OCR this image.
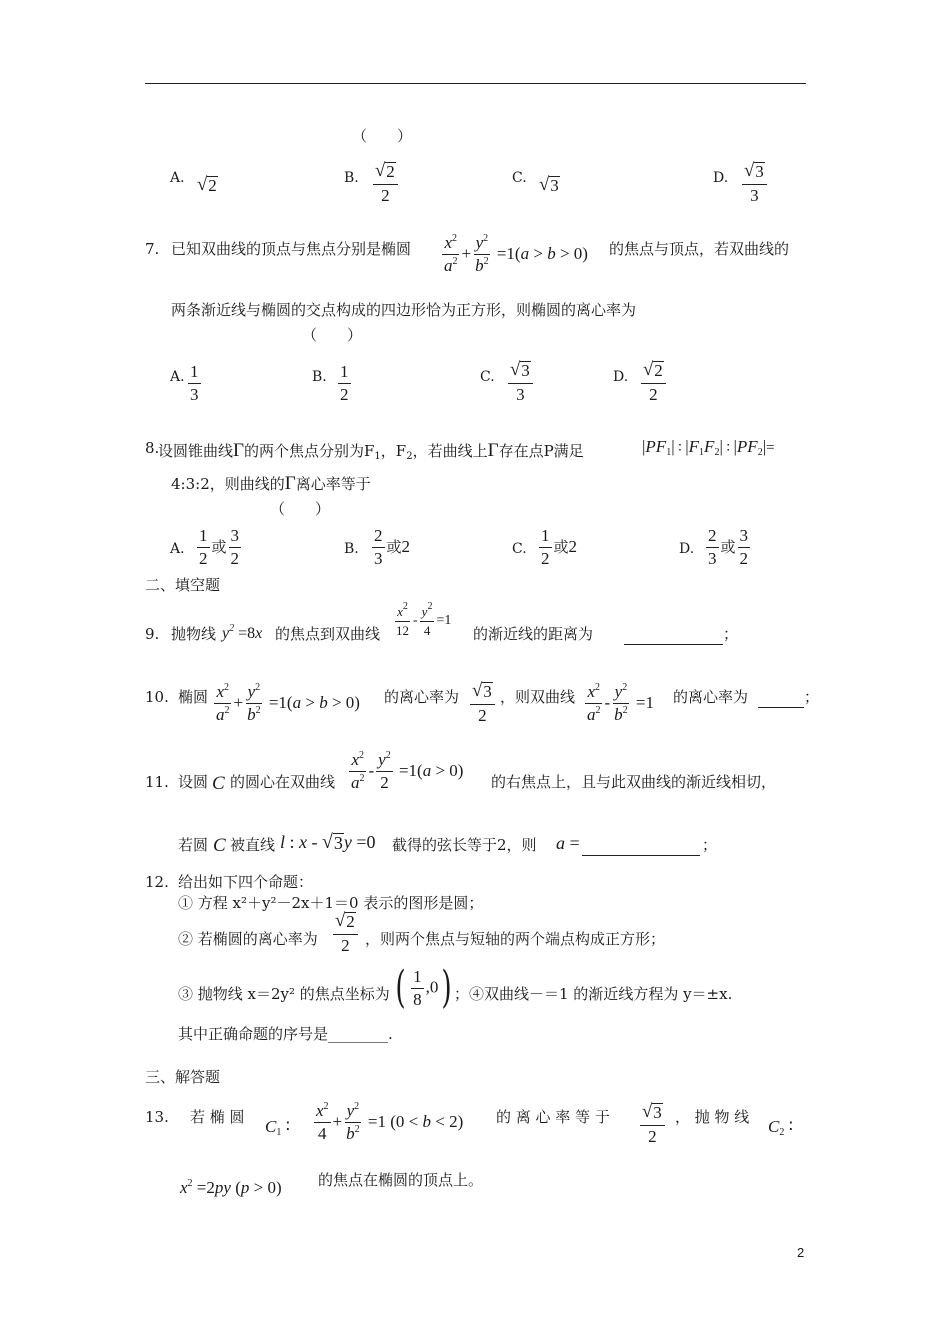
（　　）
A. √ 2	B. $\frac{√ 2}{2}$	C. √ 3	D. $\frac{√ 3}{3}$
7. 已知双曲线的顶点与焦点分别是椭圆 $\frac{x^2}{a^2} + \frac{y^2}{b^2} =1(a > b > 0)$ 的焦点与顶点，若双曲线的
两条渐近线与椭圆的交点构成的四边形恰为正方形，则椭圆的离心率为
（　　）
A. $\frac{1}{3}$	B. $\frac{1}{2}$	C. $\frac{√ 3}{3}$	D. $\frac{√ 2}{2}$
8.
设圆锥曲线Γ的两个焦点分别为$F_1$，$F_2$，若曲线上Γ存在点P满足	$|PF_1|$ ∶ $|F_1F_2|$ ∶ $|PF_2|=$
4:3:2，则曲线的Γ离心率等于
（　　）
A. $\frac{1}{2}$ 或 $\frac{3}{2}$	B. $\frac{2}{3}$ 或2	C. $\frac{1}{2}$ 或2	D. $\frac{2}{3}$ 或 $\frac{3}{2}$
二、填空题
9. 抛物线 $y^2 =8x$ 的焦点到双曲线 $\frac{x^2}{12} - \frac{y^2}{4} =1$
的渐近线的距离为	；
10. 椭圆 $\frac{x^2}{a^2} + \frac{y^2}{b^2} =1(a > b > 0)$ 的离心率为 $\frac{√ 3}{2}$ ，则双曲线 $\frac{x^2}{a^2} - \frac{y^2}{b^2} =1$ 的离心率为	；
11. 设圆 C 的圆心在双曲线 $\frac{x^2}{a^2} - \frac{y^2}{2} =1(a > 0)$
的右焦点上，且与此双曲线的渐近线相切，
若圆 C 被直线 l : x - √ 3 y =0 截得的弦长等于2，则 a =	；
12. 给出如下四个命题：
① 方程 x²＋y²－2x＋1＝0 表示的图形是圆；
② 若椭圆的离心率为 $\frac{√ 2}{2}$ ，则两个焦点与短轴的两个端点构成正方形；
③ 抛物线 x＝2y² 的焦点坐标为 ( $\frac{1}{8} ,0$) ；④双曲线－＝1 的渐近线方程为 y＝±x.
其中正确命题的序号是________.
三、解答题
13. 若 椭 圆 $C_1$ ∶ $\frac{x^2}{4} + \frac{y^2}{b^2} =1$ (0 < b < 2) 的 离 心 率 等 于 $\frac{√ 3}{2}$ ， 抛 物 线 $C_2$ ∶
$x^2 =2py$ (p > 0) 的焦点在椭圆的顶点上。
2
